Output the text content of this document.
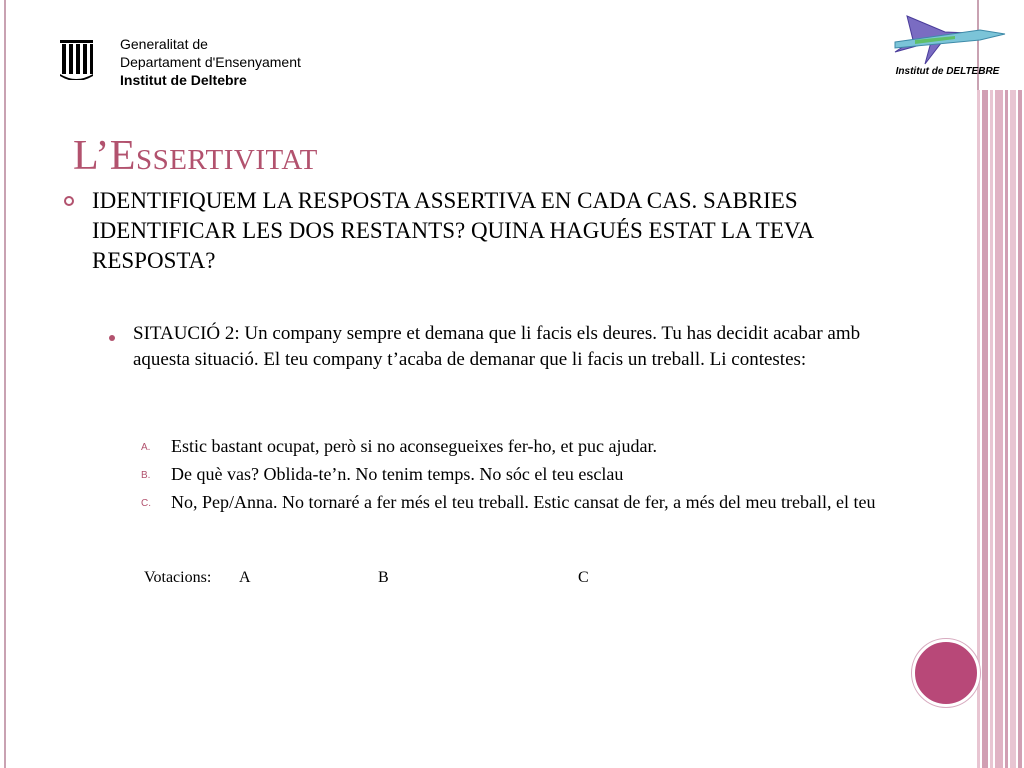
Generalitat de
Departament d'Ensenyament
Institut de Deltebre
Institut de DELTEBRE
L’Essertivitat
IDENTIFIQUEM LA RESPOSTA ASSERTIVA EN CADA CAS. SABRIES IDENTIFICAR LES DOS RESTANTS? QUINA HAGUÉS ESTAT LA TEVA RESPOSTA?
SITAUCIÓ 2: Un company sempre et demana que li facis els deures. Tu has decidit acabar amb aquesta situació. El teu company t’acaba de demanar que li facis un treball. Li contestes:
A. Estic bastant ocupat, però si no aconsegueixes fer-ho, et puc ajudar.
B. De què vas? Oblida-te’n. No tenim temps. No sóc el teu esclau
C. No, Pep/Anna. No tornaré a fer més el teu treball. Estic cansat de fer, a més del meu treball, el teu
Votacions: A	B	C
